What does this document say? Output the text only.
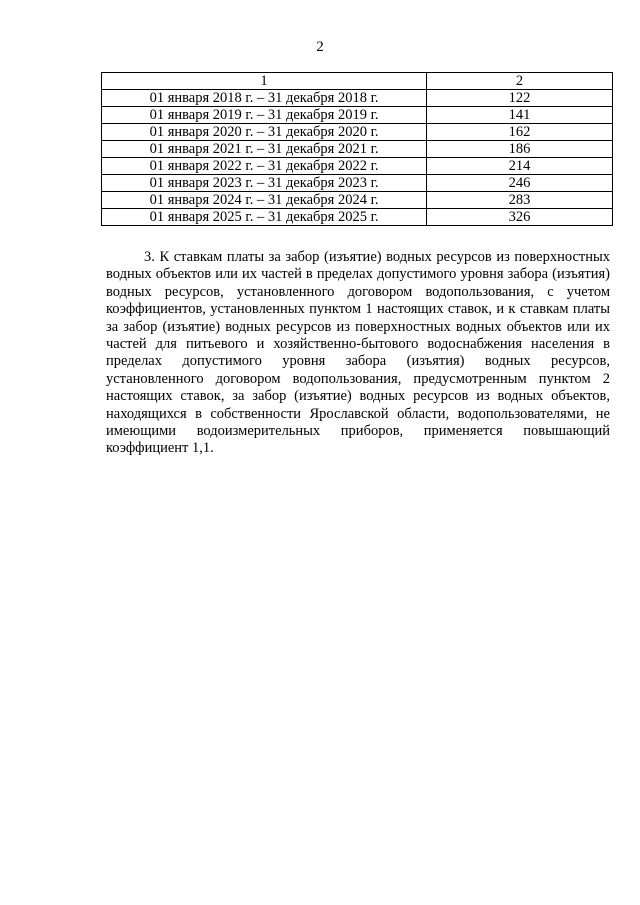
2
1	2
01 января 2018 г. – 31 декабря 2018 г.	122
01 января 2019 г. – 31 декабря 2019 г.	141
01 января 2020 г. – 31 декабря 2020 г.	162
01 января 2021 г. – 31 декабря 2021 г.	186
01 января 2022 г. – 31 декабря 2022 г.	214
01 января 2023 г. – 31 декабря 2023 г.	246
01 января 2024 г. – 31 декабря 2024 г.	283
01 января 2025 г. – 31 декабря 2025 г.	326

3. К ставкам платы за забор (изъятие) водных ресурсов из поверхностных водных объектов или их частей в пределах допустимого уровня забора (изъятия) водных ресурсов, установленного договором водопользования, с учетом коэффициентов, установленных пунктом 1 настоящих ставок, и к ставкам платы за забор (изъятие) водных ресурсов из поверхностных водных объектов или их частей для питьевого и хозяйственно-бытового водоснабжения населения в пределах допустимого уровня забора (изъятия) водных ресурсов, установленного договором водопользования, предусмотренным пунктом 2 настоящих ставок, за забор (изъятие) водных ресурсов из водных объектов, находящихся в собственности Ярославской области, водопользователями, не имеющими водоизмерительных приборов, применяется повышающий коэффициент 1,1.
